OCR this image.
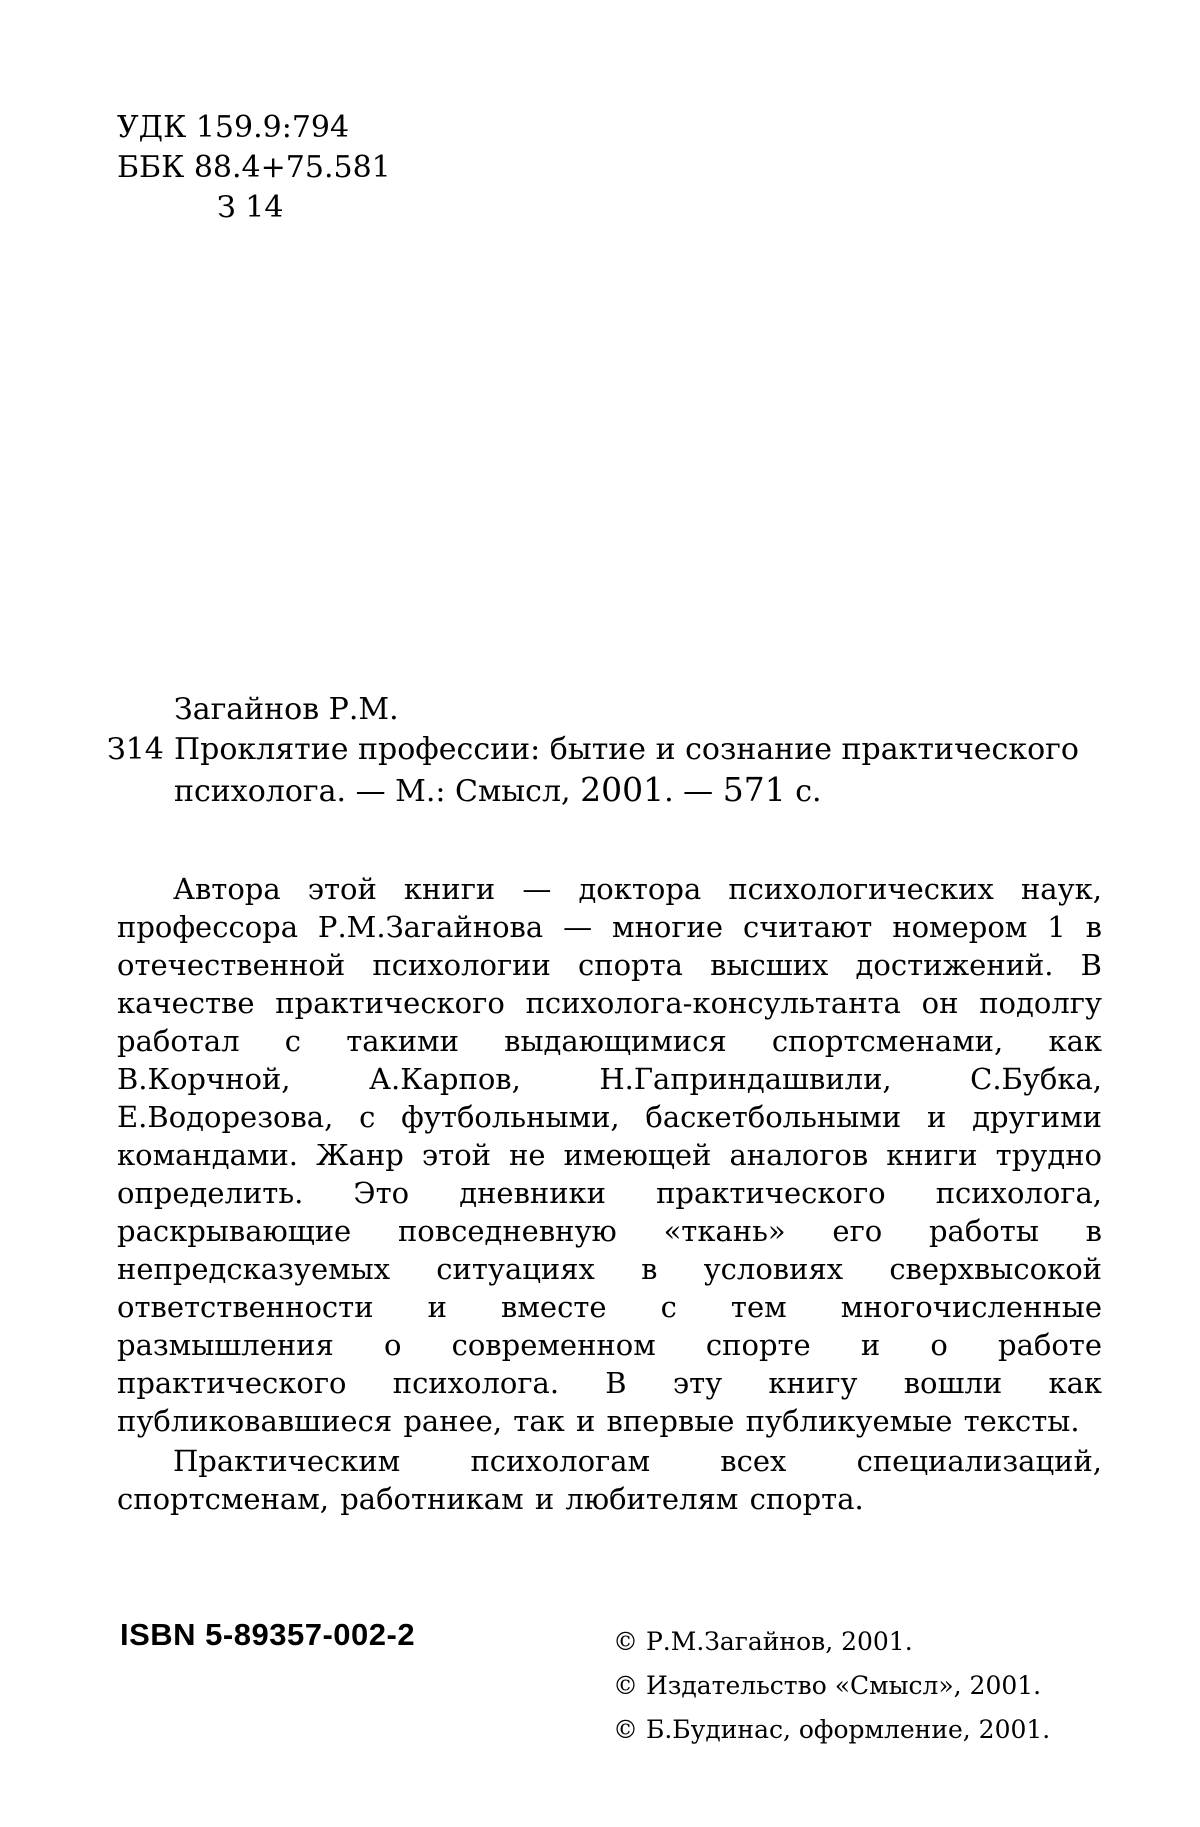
УДК 159.9:794
ББК 88.4+75.581
З 14
Загайнов Р.М.
З14 Проклятие профессии: бытие и сознание практического
психолога. — М.: Смысл, 2001. — 571 с.

Автора этой книги — доктора психологических наук, профессора Р.М.Загайнова — многие считают номером 1 в отечественной психологии спорта высших достижений. В качестве практического психолога-консультанта он подолгу работал с такими выдающимися спортсменами, как В.Корчной, А.Карпов, Н.Гаприндашвили, С.Бубка, Е.Водорезова, с футбольными, баскетбольными и другими командами. Жанр этой не имеющей аналогов книги трудно определить. Это дневники практического психолога, раскрывающие повседневную «ткань» его работы в непредсказуемых ситуациях в условиях сверхвысокой ответственности и вместе с тем многочисленные размышления о современном спорте и о работе практического психолога. В эту книгу вошли как публиковавшиеся ранее, так и впервые публикуемые тексты.

Практическим психологам всех специализаций, спортсменам, работникам и любителям спорта.

ISBN 5-89357-002-2	© Р.М.Загайнов, 2001.
© Издательство «Смысл», 2001.
© Б.Будинас, оформление, 2001.
